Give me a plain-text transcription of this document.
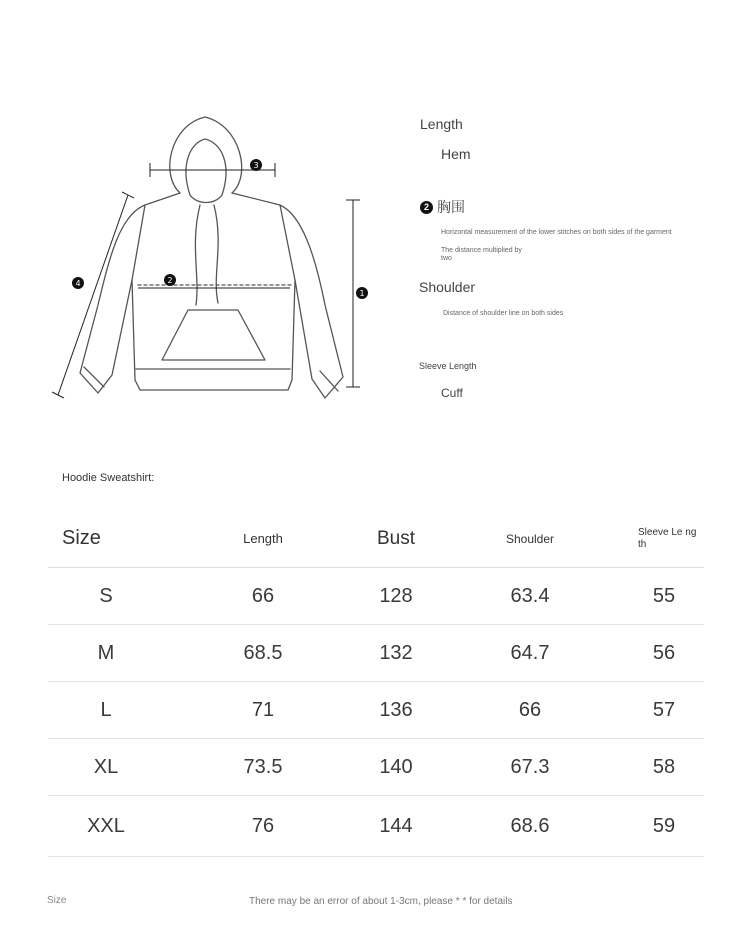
3
2
1
4
Length
Hem
2 胸围
Horizontal measurement of the lower stitches on both sides of the garment
The distance multiplied by two
Shoulder
Distance of shoulder line on both sides
Sleeve Length
Cuff
Hoodie Sweatshirt:
Size	Length	Bust	Shoulder	Sleeve Le ngth
S	66	128	63.4	55
M	68.5	132	64.7	56
L	71	136	66	57
XL	73.5	140	67.3	58
XXL	76	144	68.6	59
Size	There may be an error of about 1-3cm, please * * for details
